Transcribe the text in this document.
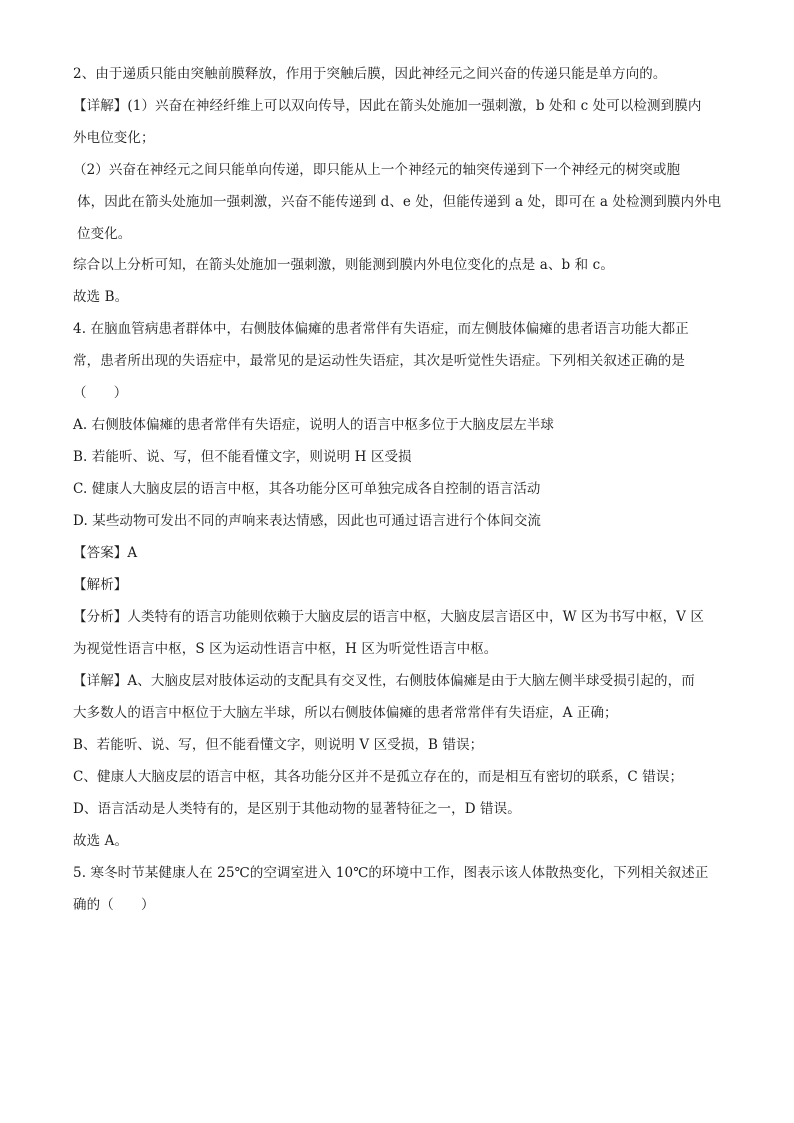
2、由于递质只能由突触前膜释放，作用于突触后膜，因此神经元之间兴奋的传递只能是单方向的。
【详解】(1）兴奋在神经纤维上可以双向传导，因此在箭头处施加一强刺激，b 处和 c 处可以检测到膜内
外电位变化；
（2）兴奋在神经元之间只能单向传递，即只能从上一个神经元的轴突传递到下一个神经元的树突或胞
体，因此在箭头处施加一强刺激，兴奋不能传递到 d、e 处，但能传递到 a 处，即可在 a 处检测到膜内外电
位变化。
综合以上分析可知，在箭头处施加一强刺激，则能测到膜内外电位变化的点是 a、b 和 c。
故选 B。
4. 在脑血管病患者群体中，右侧肢体偏瘫的患者常伴有失语症，而左侧肢体偏瘫的患者语言功能大都正
常，患者所出现的失语症中，最常见的是运动性失语症，其次是听觉性失语症。下列相关叙述正确的是
（　　）
A. 右侧肢体偏瘫的患者常伴有失语症，说明人的语言中枢多位于大脑皮层左半球
B. 若能听、说、写，但不能看懂文字，则说明 H 区受损
C. 健康人大脑皮层的语言中枢，其各功能分区可单独完成各自控制的语言活动
D. 某些动物可发出不同的声响来表达情感，因此也可通过语言进行个体间交流
【答案】A
【解析】
【分析】人类特有的语言功能则依赖于大脑皮层的语言中枢，大脑皮层言语区中，W 区为书写中枢，V 区
为视觉性语言中枢，S 区为运动性语言中枢，H 区为听觉性语言中枢。
【详解】A、大脑皮层对肢体运动的支配具有交叉性，右侧肢体偏瘫是由于大脑左侧半球受损引起的，而
大多数人的语言中枢位于大脑左半球，所以右侧肢体偏瘫的患者常常伴有失语症，A 正确；
B、若能听、说、写，但不能看懂文字，则说明 V 区受损，B 错误；
C、健康人大脑皮层的语言中枢，其各功能分区并不是孤立存在的，而是相互有密切的联系，C 错误；
D、语言活动是人类特有的，是区别于其他动物的显著特征之一，D 错误。
故选 A。
5. 寒冬时节某健康人在 25℃的空调室进入 10℃的环境中工作，图表示该人体散热变化，下列相关叙述正
确的（　　）
